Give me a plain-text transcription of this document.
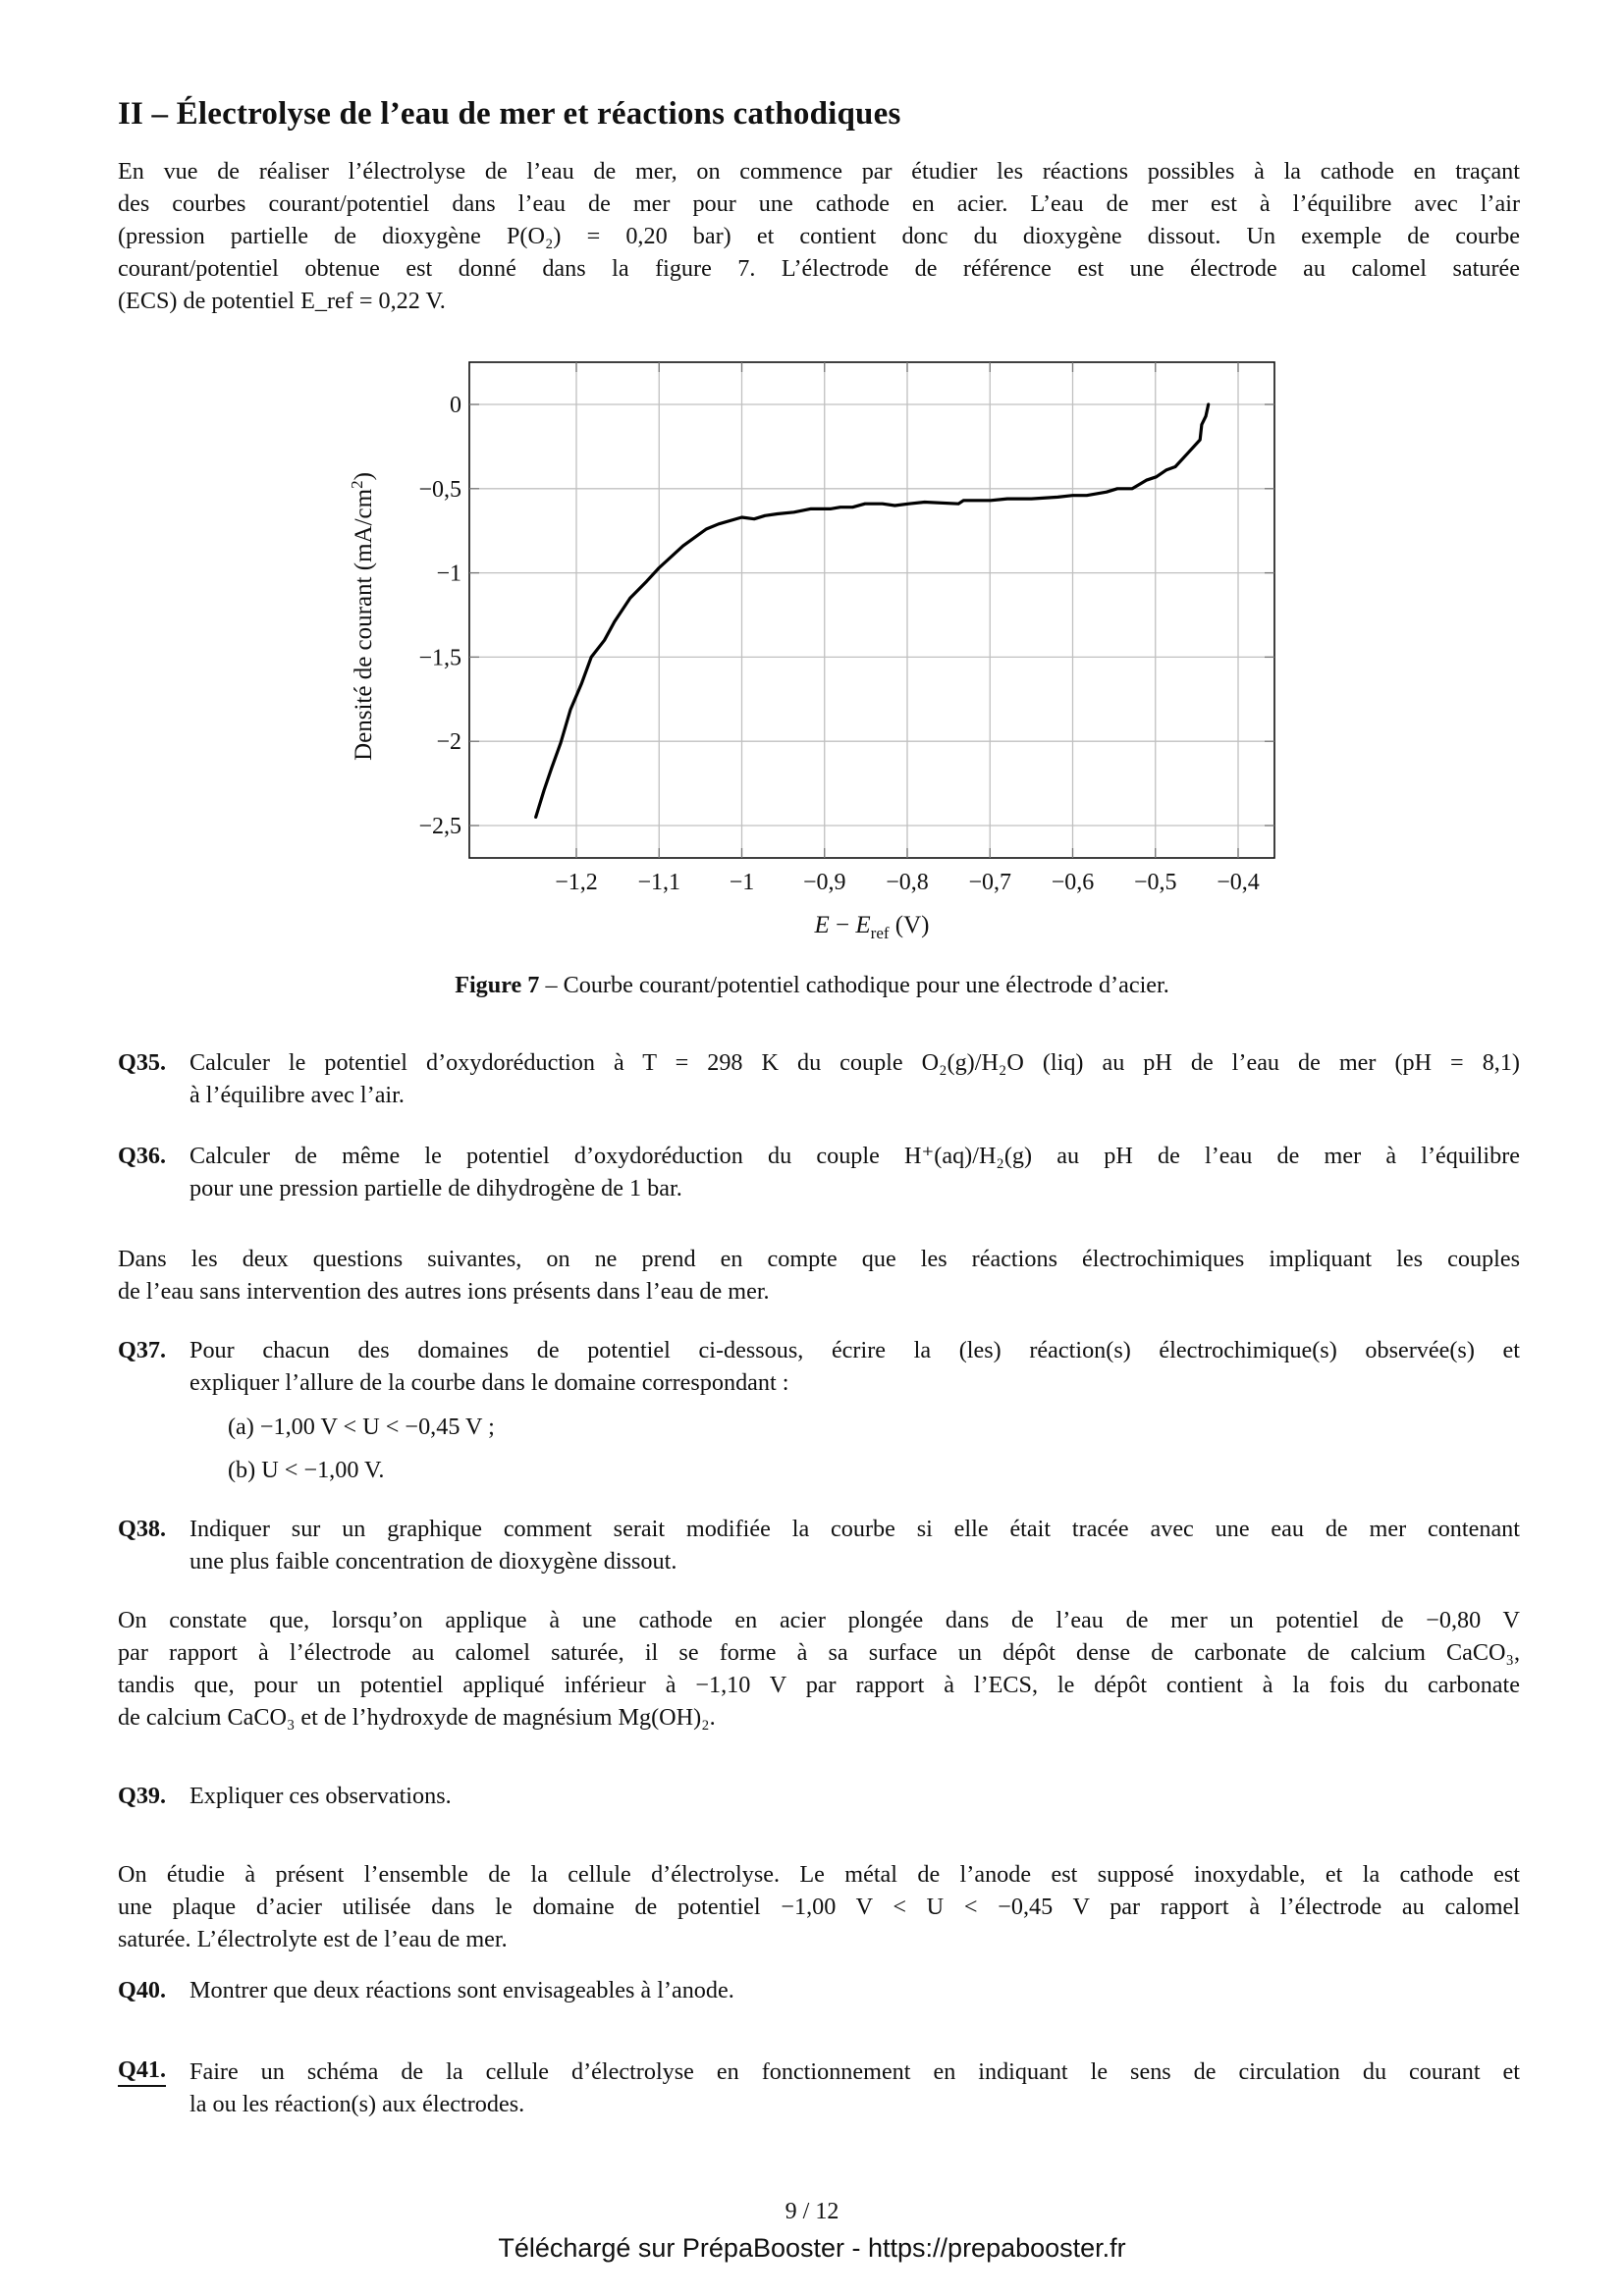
II – Électrolyse de l’eau de mer et réactions cathodiques
En vue de réaliser l’électrolyse de l’eau de mer, on commence par étudier les réactions possibles à la cathode en traçant
des courbes courant/potentiel dans l’eau de mer pour une cathode en acier. L’eau de mer est à l’équilibre avec l’air
(pression partielle de dioxygène P(O₂) = 0,20 bar) et contient donc du dioxygène dissout. Un exemple de courbe
courant/potentiel obtenue est donné dans la figure 7. L’électrode de référence est une électrode au calomel saturée
(ECS) de potentiel E_ref = 0,22 V.
−1,2 −1,1 −1 −0,9 −0,8 −0,7 −0,6 −0,5 −0,4
0
−0,5
−1
−1,5
−2
−2,5
Densité de courant $(mA/cm^2)$
$E - E_{ref}$ (V)
Figure 7 – Courbe courant/potentiel cathodique pour une électrode d’acier.
Q35. Calculer le potentiel d’oxydoréduction à T = 298 K du couple O₂(g)/H₂O (liq) au pH de l’eau de mer (pH = 8,1)
à l’équilibre avec l’air.
Q36. Calculer de même le potentiel d’oxydoréduction du couple H⁺(aq)/H₂(g) au pH de l’eau de mer à l’équilibre
pour une pression partielle de dihydrogène de 1 bar.
Dans les deux questions suivantes, on ne prend en compte que les réactions électrochimiques impliquant les couples
de l’eau sans intervention des autres ions présents dans l’eau de mer.
Q37. Pour chacun des domaines de potentiel ci-dessous, écrire la (les) réaction(s) électrochimique(s) observée(s) et
expliquer l’allure de la courbe dans le domaine correspondant :
(a) −1,00 V < U < −0,45 V ;
(b) U < −1,00 V.
Q38. Indiquer sur un graphique comment serait modifiée la courbe si elle était tracée avec une eau de mer contenant
une plus faible concentration de dioxygène dissout.
On constate que, lorsqu’on applique à une cathode en acier plongée dans de l’eau de mer un potentiel de −0,80 V
par rapport à l’électrode au calomel saturée, il se forme à sa surface un dépôt dense de carbonate de calcium CaCO₃,
tandis que, pour un potentiel appliqué inférieur à −1,10 V par rapport à l’ECS, le dépôt contient à la fois du carbonate
de calcium CaCO₃ et de l’hydroxyde de magnésium Mg(OH)₂.
Q39. Expliquer ces observations.
On étudie à présent l’ensemble de la cellule d’électrolyse. Le métal de l’anode est supposé inoxydable, et la cathode est
une plaque d’acier utilisée dans le domaine de potentiel −1,00 V < U < −0,45 V par rapport à l’électrode au calomel
saturée. L’électrolyte est de l’eau de mer.
Q40. Montrer que deux réactions sont envisageables à l’anode.
Q41. Faire un schéma de la cellule d’électrolyse en fonctionnement en indiquant le sens de circulation du courant et
la ou les réaction(s) aux électrodes.
9 / 12
Téléchargé sur PrépaBooster - https://prepabooster.fr
